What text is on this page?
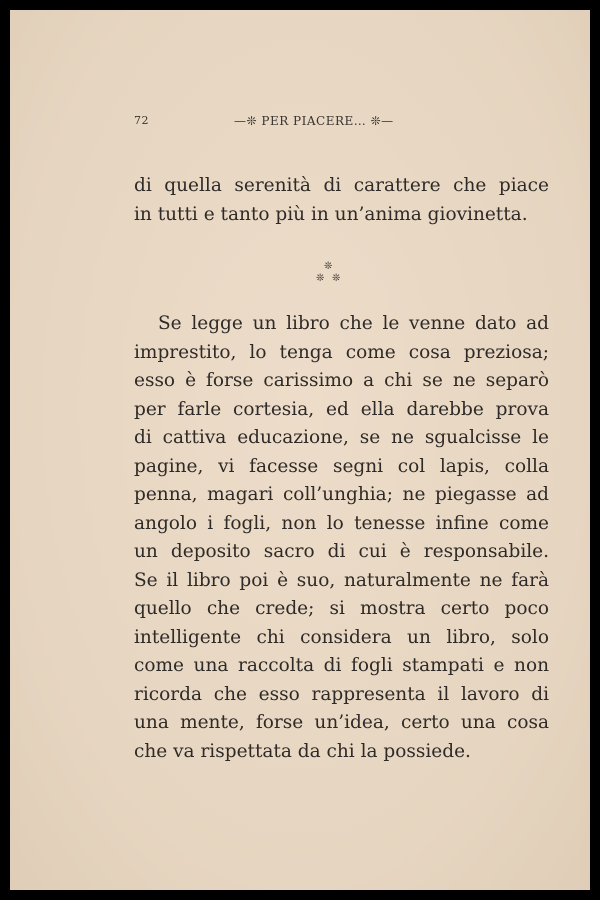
72	—❊ PER PIACERE… ❊—
di quella serenità di carattere che piace
in tutti e tanto più in un’anima giovinetta.
❊
❊ ❊
Se legge un libro che le venne dato ad
imprestito, lo tenga come cosa preziosa;
esso è forse carissimo a chi se ne separò
per farle cortesia, ed ella darebbe prova
di cattiva educazione, se ne sgualcisse le
pagine, vi facesse segni col lapis, colla
penna, magari coll’unghia; ne piegasse ad
angolo i fogli, non lo tenesse infine come
un deposito sacro di cui è responsabile.
Se il libro poi è suo, naturalmente ne farà
quello che crede; si mostra certo poco
intelligente chi considera un libro, solo
come una raccolta di fogli stampati e non
ricorda che esso rappresenta il lavoro di
una mente, forse un’idea, certo una cosa
che va rispettata da chi la possiede.
